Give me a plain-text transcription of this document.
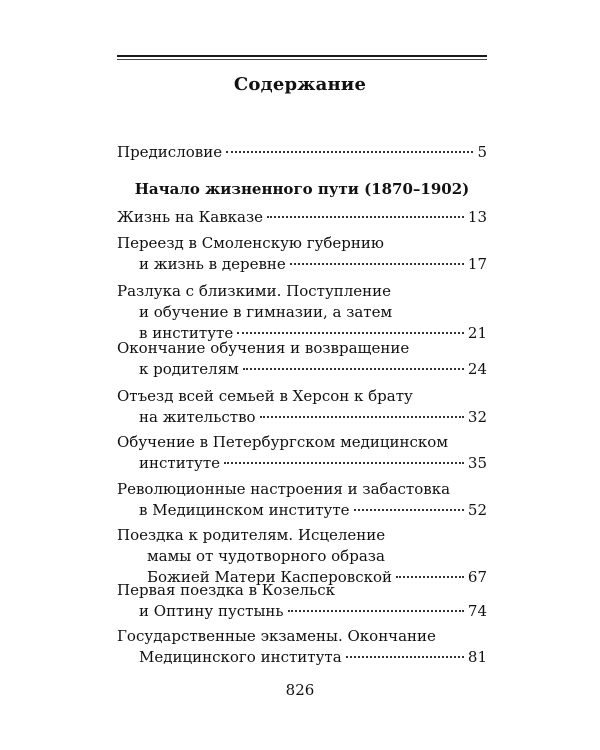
Содержание
Предисловие	5
Начало жизненного пути (1870–1902)
Жизнь на Кавказе	13
Переезд в Смоленскую губернию
и жизнь в деревне	17
Разлука с близкими. Поступление
и обучение в гимназии, а затем
в институте	21
Окончание обучения и возвращение
к родителям	24
Отъезд всей семьей в Херсон к брату
на жительство	32
Обучение в Петербургском медицинском
институте	35
Революционные настроения и забастовка
в Медицинском институте	52
Поездка к родителям. Исцеление
мамы от чудотворного образа
Божией Матери Касперовской	67
Первая поездка в Козельск
и Оптину пустынь	74
Государственные экзамены. Окончание
Медицинского института	81
826
